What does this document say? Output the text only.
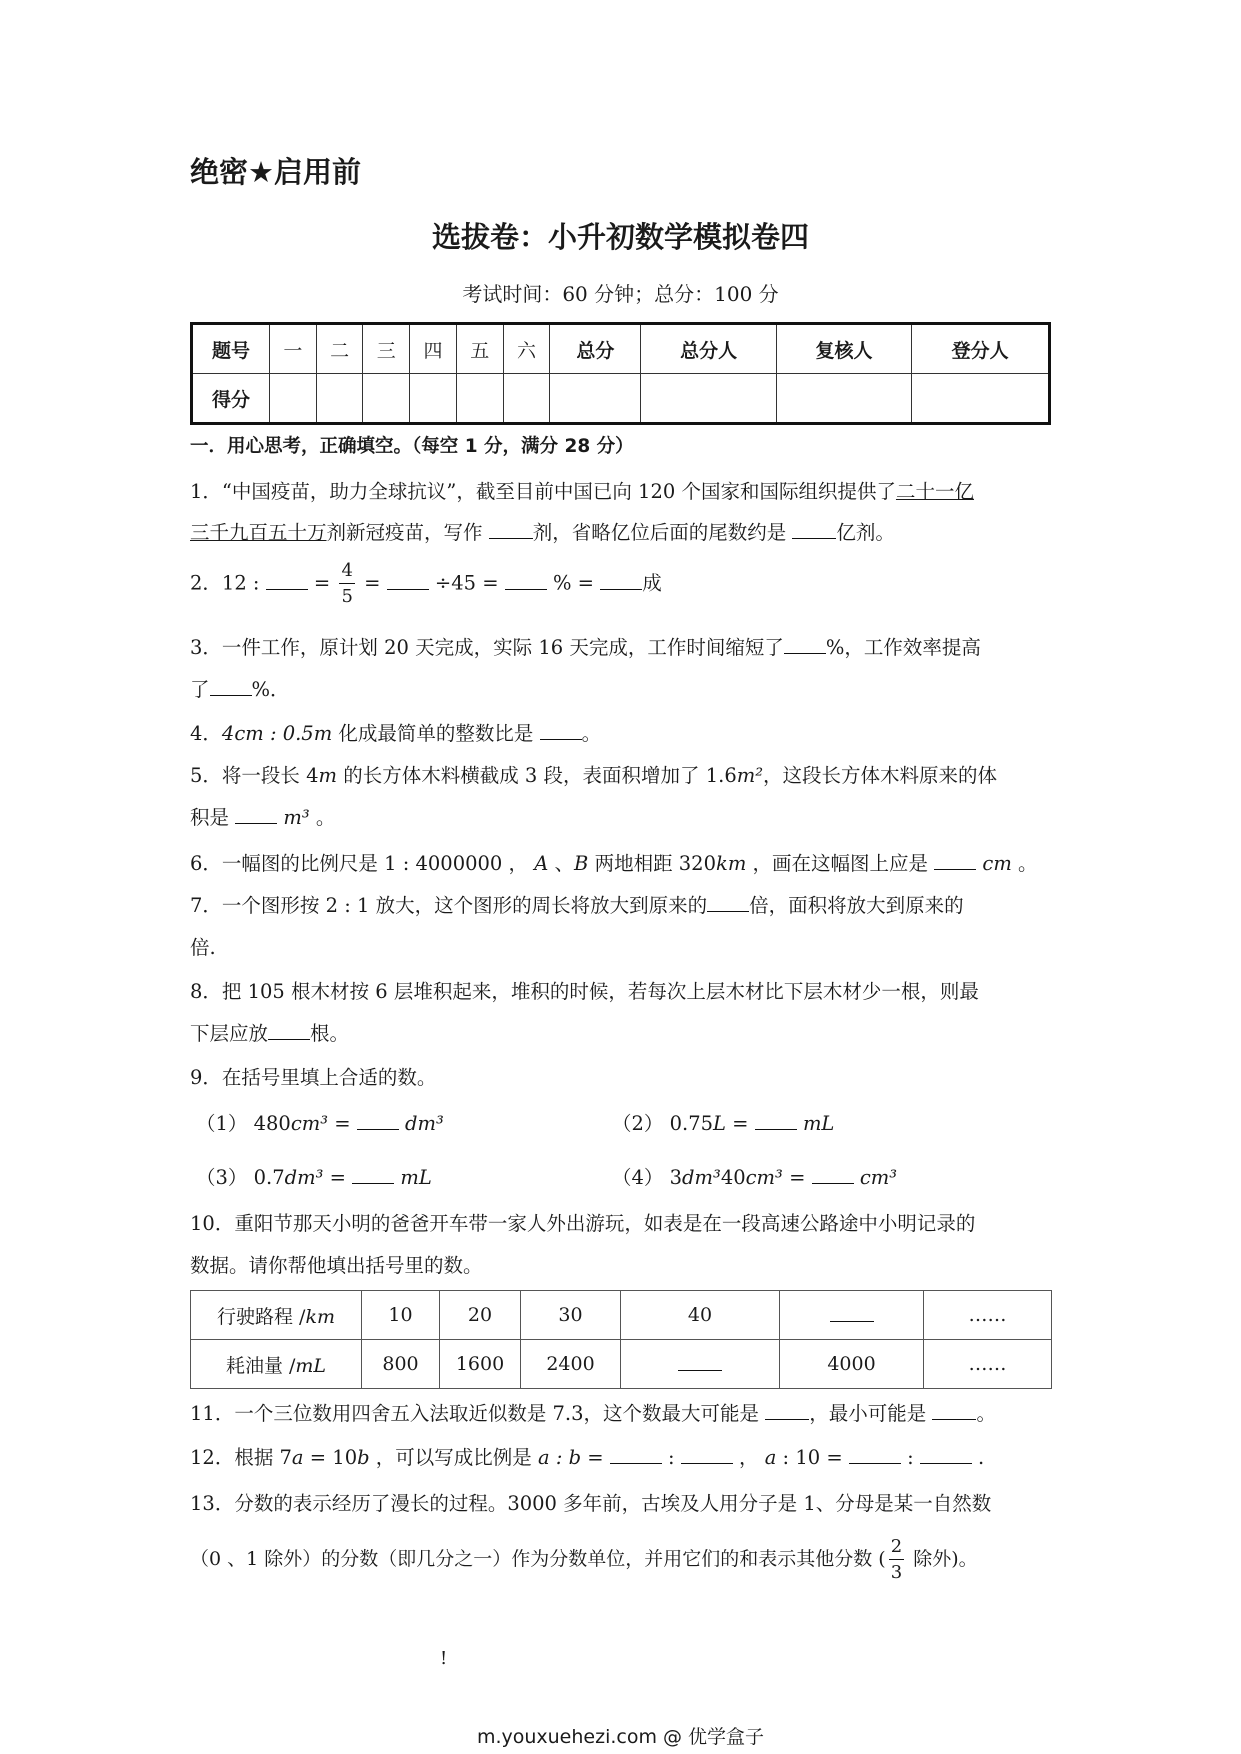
绝密★启用前
选拔卷：小升初数学模拟卷四
考试时间：60 分钟；总分：100 分
题号	一	二	三	四	五	六	总分	总分人	复核人	登分人
得分										
一．用心思考，正确填空。（每空 1 分，满分 28 分）
1．“中国疫苗，助力全球抗议”，截至目前中国已向 120 个国家和国际组织提供了二十一亿
三千九百五十万剂新冠疫苗，写作 剂，省略亿位后面的尾数约是 亿剂。
2．12 :  = $\frac{4}{5} = \div 45$ =  % = 成
3．一件工作，原计划 20 天完成，实际 16 天完成，工作时间缩短了 %，工作效率提高
了 %．
4．4cm : 0.5m 化成最简单的整数比是 。
5．将一段长 4m 的长方体木料横截成 3 段，表面积增加了 1.6m²，这段长方体木料原来的体
积是  m³ 。
6．一幅图的比例尺是 1 : 4000000 ， A 、B 两地相距 320km ，画在这幅图上应是  cm 。
7．一个图形按 2 : 1 放大，这个图形的周长将放大到原来的 倍，面积将放大到原来的
倍.
8．把 105 根木材按 6 层堆积起来，堆积的时候，若每次上层木材比下层木材少一根，则最
下层应放 根。
9．在括号里填上合适的数。
（1） 480cm³ =  dm³	（2） 0.75L =  mL
（3） 0.7dm³ =  mL	（4） 3dm³40cm³ =  cm³
10．重阳节那天小明的爸爸开车带一家人外出游玩，如表是在一段高速公路途中小明记录的
数据。请你帮他填出括号里的数。
行驶路程 /km	10	20	30	40		……
耗油量 /mL	800	1600	2400		4000	……
11．一个三位数用四舍五入法取近似数是 7.3，这个数最大可能是 ，最小可能是 。
12．根据 7a = 10b ，可以写成比例是 a : b =	:	， a : 10 =	:	.
13．分数的表示经历了漫长的过程。3000 多年前，古埃及人用分子是 1、分母是某一自然数
（0 、1 除外）的分数（即几分之一）作为分数单位，并用它们的和表示其他分数 ( $\frac{2}{3}$ 除外)。
!
m.youxuehezi.com @ 优学盒子
